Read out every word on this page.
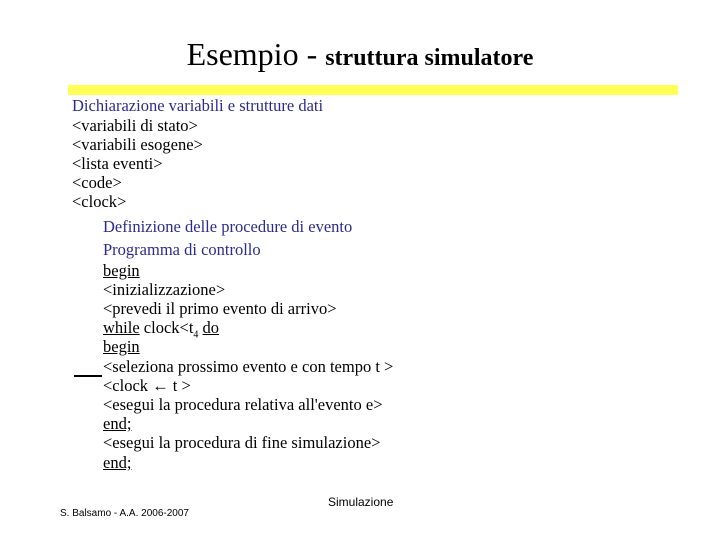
Esempio - struttura simulatore
Dichiarazione variabili e strutture dati
<variabili di stato>
<variabili esogene>
<lista eventi>
<code>
<clock>
Definizione delle procedure di evento
Programma di controllo
begin
<inizializzazione>
<prevedi il primo evento di arrivo>
while $clock<t_4$ do
begin
<seleziona prossimo evento e con tempo t >
<clock ← t >
<esegui la procedura relativa all'evento e>
end;
<esegui la procedura di fine simulazione>
end;
Simulazione
S. Balsamo - A.A. 2006-2007
